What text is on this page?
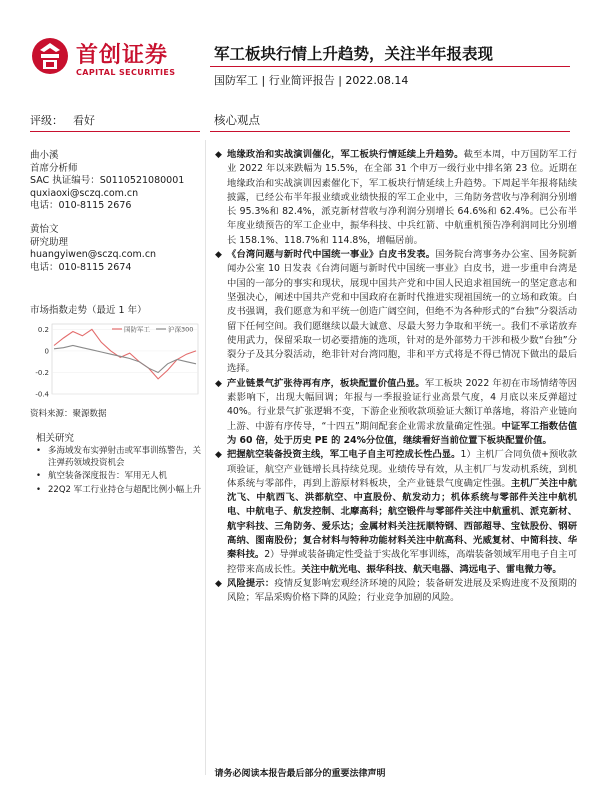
首创证券
CAPITAL SECURITIES
军工板块行情上升趋势，关注半年报表现
国防军工 | 行业简评报告 | 2022.08.14
评级： 看好	核心观点
曲小溪
首席分析师
SAC 执证编号：S0110521080001
quxiaoxi@sczq.com.cn
电话：010-8115 2676
黄怡文
研究助理
huangyiwen@sczq.com.cn
电话：010-8115 2674
市场指数走势（最近 1 年）
0.2
0
-0.2
-0.4
国防军工	沪深300
资料来源：聚源数据
相关研究
• 多海域发布实弹射击或军事训练警告，关注弹药领域投资机会
• 航空装备深度报告：军用无人机
• 22Q2 军工行业持仓与超配比例小幅上升
◆ 地缘政治和实战演训催化，军工板块行情延续上升趋势。截至本周，中万国防军工行业 2022 年以来跌幅为 15.5%，在全部 31 个申万一级行业中排名第 23 位。近期在地缘政治和实战演训因素催化下，军工板块行情延续上升趋势。下周起半年报将陆续披露，已经公布半年报业绩或业绩快报的军工企业中，三角防务营收与净利润分别增长 95.3%和 82.4%，派克新材营收与净利润分别增长 64.6%和 62.4%。已公布半年度业绩预告的军工企业中，振华科技、中兵红箭、中航重机预告净利润同比分别增长 158.1%、118.7%和 114.8%，增幅居前。
◆ 《台湾问题与新时代中国统一事业》白皮书发表。国务院台湾事务办公室、国务院新闻办公室 10 日发表《台湾问题与新时代中国统一事业》白皮书，进一步重申台湾是中国的一部分的事实和现状，展现中国共产党和中国人民追求祖国统一的坚定意志和坚强决心，阐述中国共产党和中国政府在新时代推进实现祖国统一的立场和政策。白皮书强调，我们愿意为和平统一创造广阔空间，但绝不为各种形式的“台独”分裂活动留下任何空间。我们愿继续以最大诚意、尽最大努力争取和平统一。我们不承诺放弃使用武力，保留采取一切必要措施的选项，针对的是外部势力干涉和极少数“台独”分裂分子及其分裂活动，绝非针对台湾同胞，非和平方式将是不得已情况下做出的最后选择。
◆ 产业链景气扩张待再有序，板块配置价值凸显。军工板块 2022 年初在市场情绪等因素影响下，出现大幅回调；年报与一季报验证行业高景气度，4 月底以来反弹超过 40%。行业景气扩张逻辑不变，下游企业预收款项验证大额订单落地，将沿产业链向上游、中游有序传导，“十四五”期间配套企业需求放量确定性强。中证军工指数估值为 60 倍，处于历史 PE 的 24%分位值，继续看好当前位置下板块配置价值。
◆ 把握航空装备投资主线，军工电子自主可控成长性凸显。1）主机厂合同负债+预收款项验证，航空产业链增长具持续兑现。业绩传导有效，从主机厂与发动机系统，到机体系统与零部件，再到上游原材料板块，全产业链景气度确定性强。主机厂关注中航沈飞、中航西飞、洪都航空、中直股份、航发动力；机体系统与零部件关注中航机电、中航电子、航发控制、北摩高科；航空锻件与零部件关注中航重机、派克新材、航宇科技、三角防务、爱乐达；金属材料关注抚顺特钢、西部超导、宝钛股份、钢研高纳、图南股份；复合材料与特种功能材料关注中航高科、光威复材、中简科技、华秦科技。2）导弹或装备确定性受益于实战化军事训练，高端装备领域军用电子自主可控带来高成长性。关注中航光电、振华科技、航天电器、鸿远电子、雷电微力等。
◆ 风险提示：疫情反复影响宏观经济环境的风险；装备研发进展及采购进度不及预期的风险；军品采购价格下降的风险；行业竞争加剧的风险。
请务必阅读本报告最后部分的重要法律声明
